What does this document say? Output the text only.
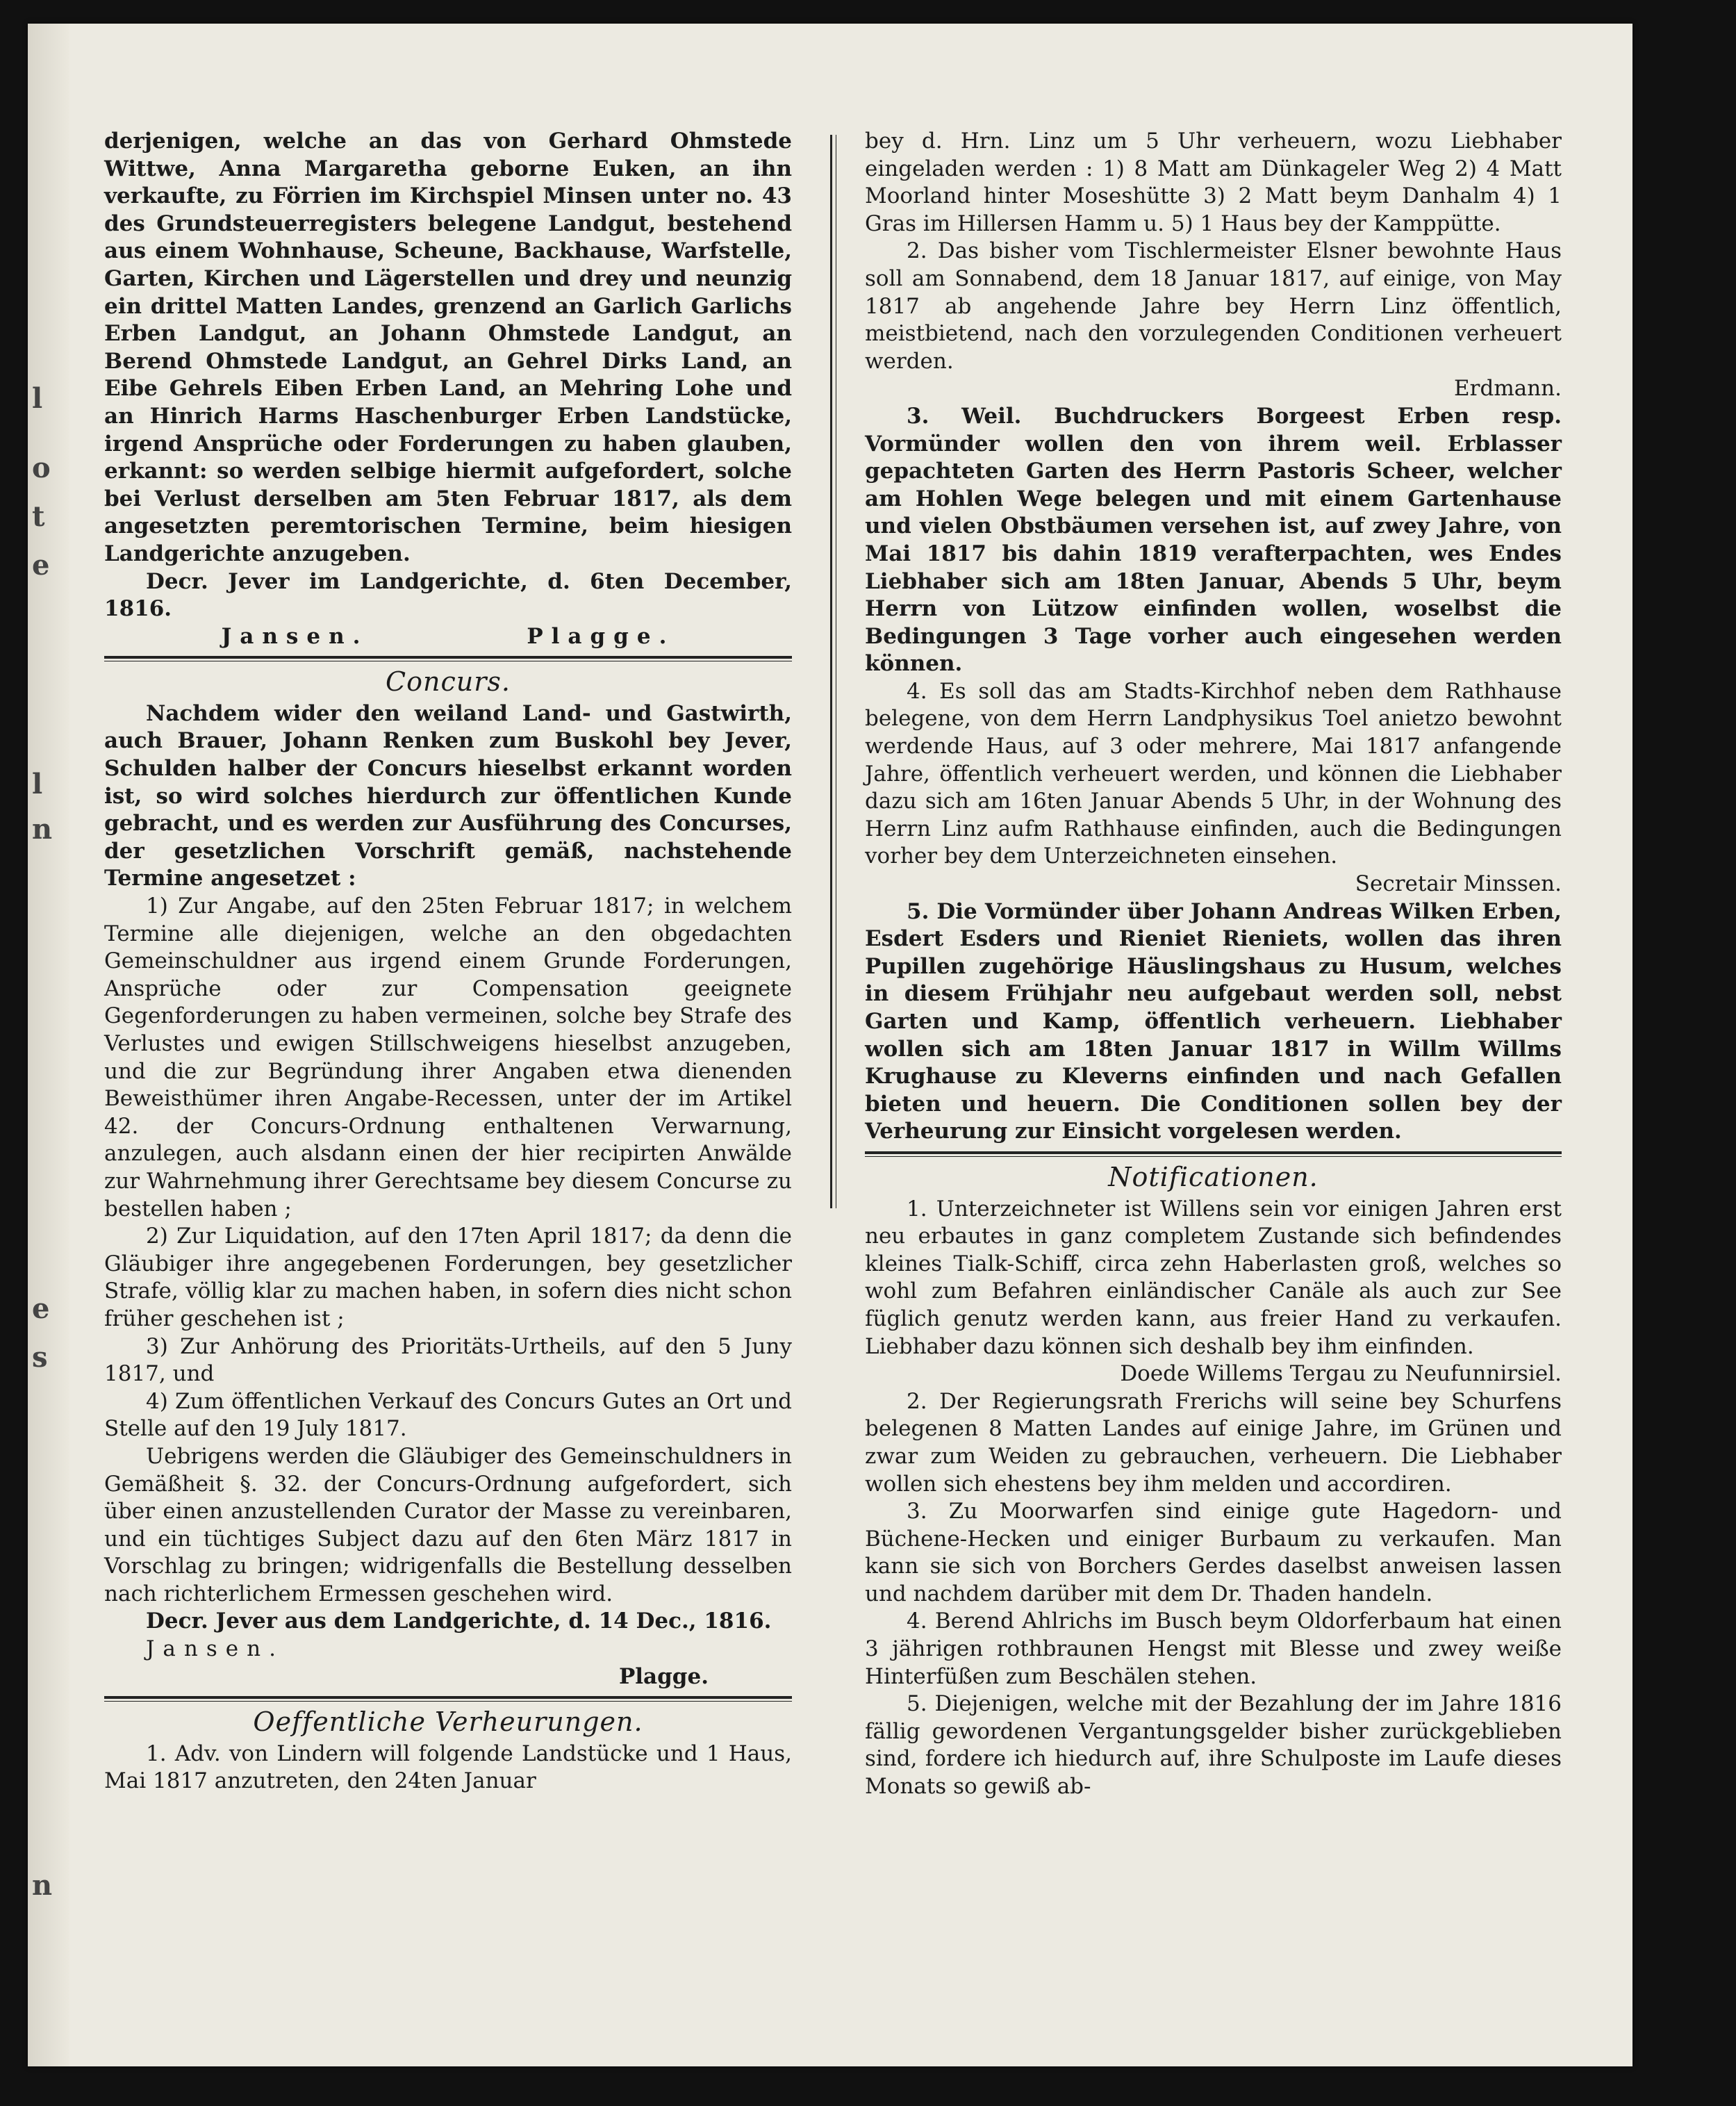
l
o
t
e
l
n
e
s
n

derjenigen, welche an das von Gerhard Ohmstede Wittwe, Anna Margaretha geborne Euken, an ihn verkaufte, zu Förrien im Kirchspiel Minsen unter no. 43 des Grundsteuerregisters belegene Landgut, bestehend aus einem Wohnhause, Scheune, Backhause, Warfstelle, Garten, Kirchen und Lägerstellen und drey und neunzig ein drittel Matten Landes, grenzend an Garlich Garlichs Erben Landgut, an Johann Ohmstede Landgut, an Berend Ohmstede Landgut, an Gehrel Dirks Land, an Eibe Gehrels Eiben Erben Land, an Mehring Lohe und an Hinrich Harms Haschenburger Erben Landstücke, irgend Ansprüche oder Forderungen zu haben glauben, erkannt: so werden selbige hiermit aufgefordert, solche bei Verlust derselben am 5ten Februar 1817, als dem angesetzten peremtorischen Termine, beim hiesigen Landgerichte anzugeben.

Decr. Jever im Landgerichte, d. 6ten December, 1816.

Jansen.          Plagge.

Concurs.

Nachdem wider den weiland Land- und Gastwirth, auch Brauer, Johann Renken zum Buskohl bey Jever, Schulden halber der Concurs hieselbst erkannt worden ist, so wird solches hierdurch zur öffentlichen Kunde gebracht, und es werden zur Ausführung des Concurses, der gesetzlichen Vorschrift gemäß, nachstehende Termine angesetzet :

1) Zur Angabe, auf den 25ten Februar 1817; in welchem Termine alle diejenigen, welche an den obgedachten Gemeinschuldner aus irgend einem Grunde Forderungen, Ansprüche oder zur Compensation geeignete Gegenforderungen zu haben vermeinen, solche bey Strafe des Verlustes und ewigen Stillschweigens hieselbst anzugeben, und die zur Begründung ihrer Angaben etwa dienenden Beweisthümer ihren Angabe-Recessen, unter der im Artikel 42. der Concurs-Ordnung enthaltenen Verwarnung, anzulegen, auch alsdann einen der hier recipirten Anwälde zur Wahrnehmung ihrer Gerechtsame bey diesem Concurse zu bestellen haben ;

2) Zur Liquidation, auf den 17ten April 1817; da denn die Gläubiger ihre angegebenen Forderungen, bey gesetzlicher Strafe, völlig klar zu machen haben, in sofern dies nicht schon früher geschehen ist ;

3) Zur Anhörung des Prioritäts-Urtheils, auf den 5 Juny 1817, und

4) Zum öffentlichen Verkauf des Concurs Gutes an Ort und Stelle auf den 19 July 1817.

Uebrigens werden die Gläubiger des Gemeinschuldners in Gemäßheit §. 32. der Concurs-Ordnung aufgefordert, sich über einen anzustellenden Curator der Masse zu vereinbaren, und ein tüchtiges Subject dazu auf den 6ten März 1817 in Vorschlag zu bringen; widrigenfalls die Bestellung desselben nach richterlichem Ermessen geschehen wird.

Decr. Jever aus dem Landgerichte, d. 14 Dec., 1816.

Jansen.

Plagge.

Oeffentliche Verheurungen.

1. Adv. von Lindern will folgende Landstücke und 1 Haus, Mai 1817 anzutreten, den 24ten Januar

bey d. Hrn. Linz um 5 Uhr verheuern, wozu Liebhaber eingeladen werden : 1) 8 Matt am Dünkageler Weg 2) 4 Matt Moorland hinter Moseshütte 3) 2 Matt beym Danhalm 4) 1 Gras im Hillersen Hamm u. 5) 1 Haus bey der Kamppütte.

2. Das bisher vom Tischlermeister Elsner bewohnte Haus soll am Sonnabend, dem 18 Januar 1817, auf einige, von May 1817 ab angehende Jahre bey Herrn Linz öffentlich, meistbietend, nach den vorzulegenden Conditionen verheuert werden.

Erdmann.

3. Weil. Buchdruckers Borgeest Erben resp. Vormünder wollen den von ihrem weil. Erblasser gepachteten Garten des Herrn Pastoris Scheer, welcher am Hohlen Wege belegen und mit einem Gartenhause und vielen Obstbäumen versehen ist, auf zwey Jahre, von Mai 1817 bis dahin 1819 verafterpachten, wes Endes Liebhaber sich am 18ten Januar, Abends 5 Uhr, beym Herrn von Lützow einfinden wollen, woselbst die Bedingungen 3 Tage vorher auch eingesehen werden können.

4. Es soll das am Stadts-Kirchhof neben dem Rathhause belegene, von dem Herrn Landphysikus Toel anietzo bewohnt werdende Haus, auf 3 oder mehrere, Mai 1817 anfangende Jahre, öffentlich verheuert werden, und können die Liebhaber dazu sich am 16ten Januar Abends 5 Uhr, in der Wohnung des Herrn Linz aufm Rathhause einfinden, auch die Bedingungen vorher bey dem Unterzeichneten einsehen.

Secretair Minssen.

5. Die Vormünder über Johann Andreas Wilken Erben, Esdert Esders und Rieniet Rieniets, wollen das ihren Pupillen zugehörige Häuslingshaus zu Husum, welches in diesem Frühjahr neu aufgebaut werden soll, nebst Garten und Kamp, öffentlich verheuern. Liebhaber wollen sich am 18ten Januar 1817 in Willm Willms Krughause zu Kleverns einfinden und nach Gefallen bieten und heuern. Die Conditionen sollen bey der Verheurung zur Einsicht vorgelesen werden.

Notificationen.

1. Unterzeichneter ist Willens sein vor einigen Jahren erst neu erbautes in ganz completem Zustande sich befindendes kleines Tialk-Schiff, circa zehn Haberlasten groß, welches so wohl zum Befahren einländischer Canäle als auch zur See füglich genutz werden kann, aus freier Hand zu verkaufen. Liebhaber dazu können sich deshalb bey ihm einfinden.

Doede Willems Tergau zu Neufunnirsiel.

2. Der Regierungsrath Frerichs will seine bey Schurfens belegenen 8 Matten Landes auf einige Jahre, im Grünen und zwar zum Weiden zu gebrauchen, verheuern. Die Liebhaber wollen sich ehestens bey ihm melden und accordiren.

3. Zu Moorwarfen sind einige gute Hagedorn- und Büchene-Hecken und einiger Burbaum zu verkaufen. Man kann sie sich von Borchers Gerdes daselbst anweisen lassen und nachdem darüber mit dem Dr. Thaden handeln.

4. Berend Ahlrichs im Busch beym Oldorferbaum hat einen 3 jährigen rothbraunen Hengst mit Blesse und zwey weiße Hinterfüßen zum Beschälen stehen.

5. Diejenigen, welche mit der Bezahlung der im Jahre 1816 fällig gewordenen Vergantungsgelder bisher zurückgeblieben sind, fordere ich hiedurch auf, ihre Schulposte im Laufe dieses Monats so gewiß ab-
